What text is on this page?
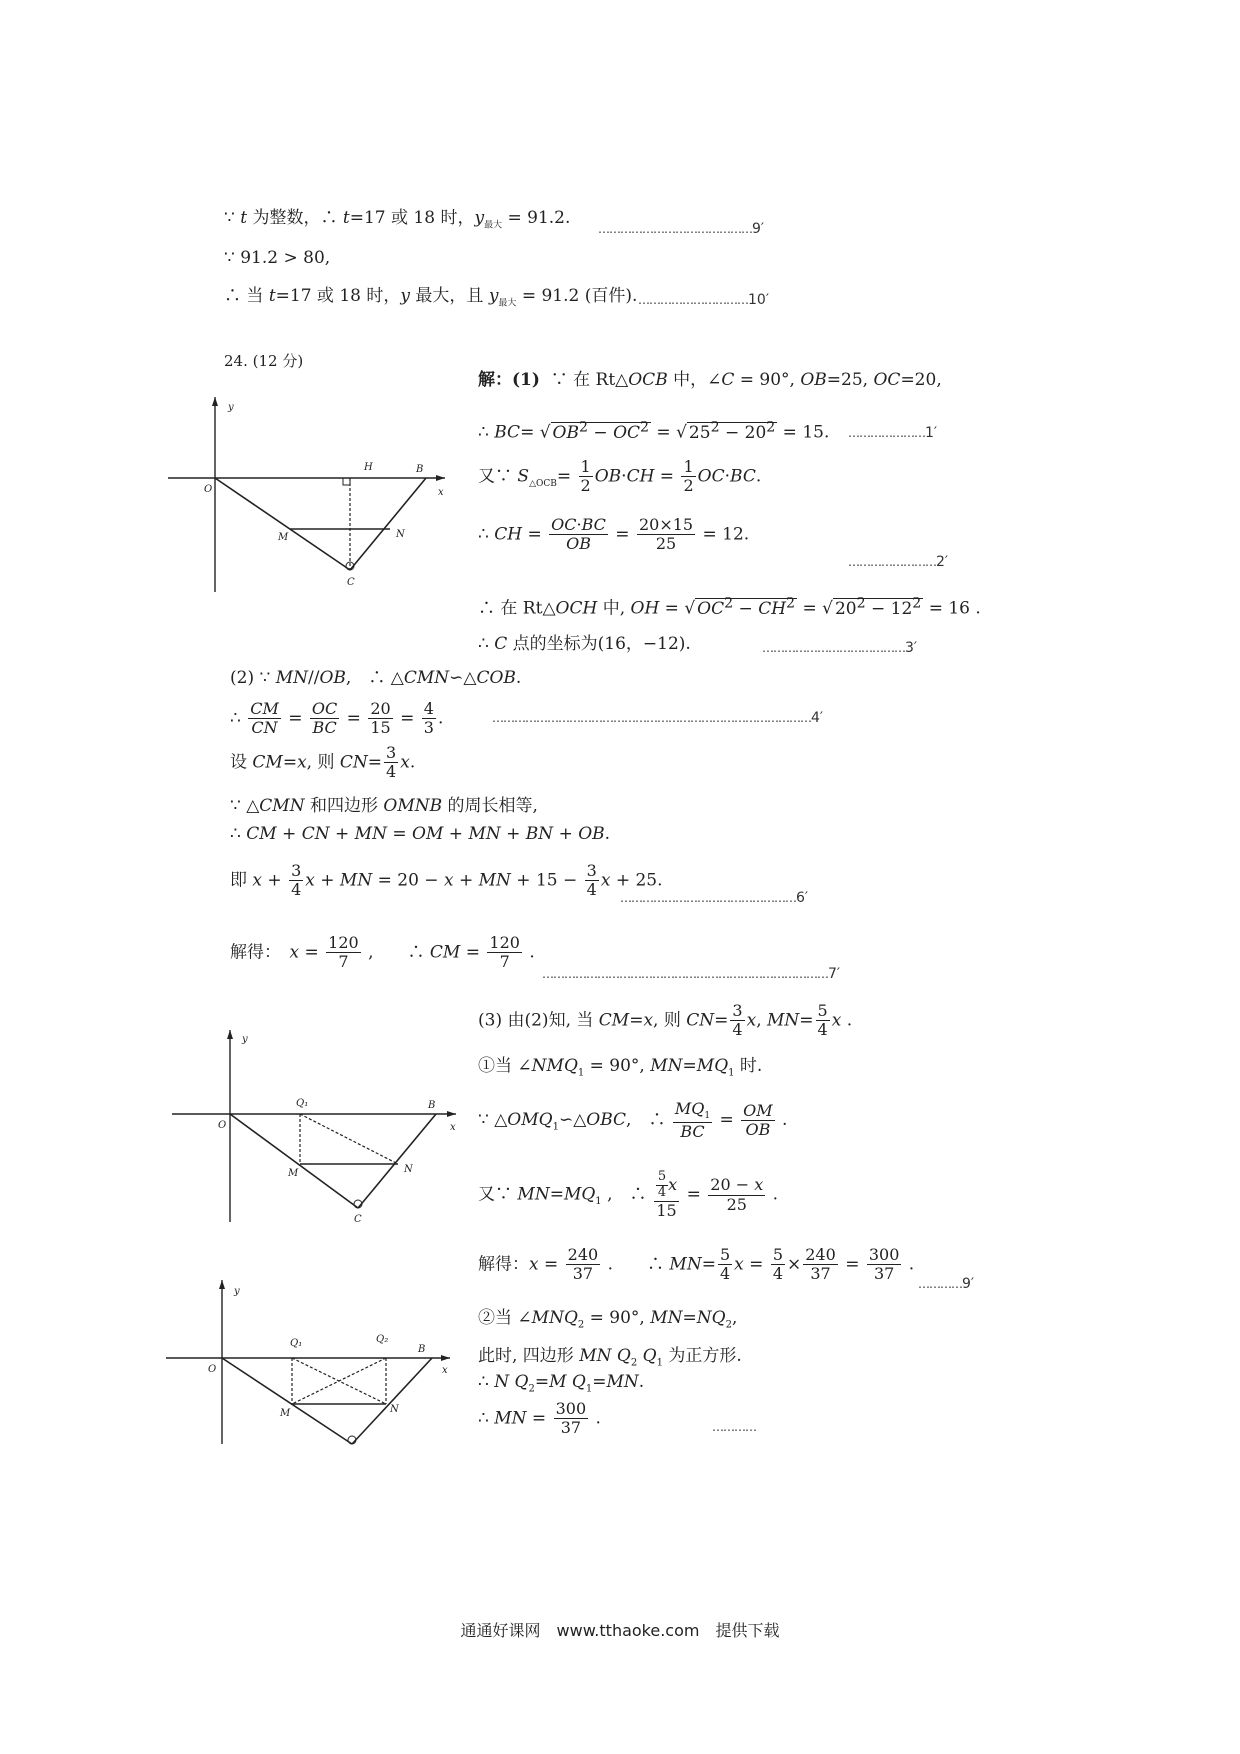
∵ t 为整数，∴ t=17 或 18 时，$y_{最大} = 91.2$.
……………………………………9′
∵ 91.2 > 80,
∴ 当 t=17 或 18 时，y 最大，且 $y_{最大} = 91.2$ (百件). …………………………10′
24. (12 分)
y
x
O
B
H
M	N
C
解：(1)  ∵ 在 Rt△OCB 中，∠C = 90°, OB=25, OC=20,
∴ BC= √ $OB^2 - OC^2$ = √ $25^2 - 20^2 = 15$. …………………1′
又∵ $S_{\triangle OCB}= \frac{1}{2} OB\cdot CH = \frac{1}{2} OC\cdot BC$.
∴ CH = $\frac{OC\cdot BC}{OB} = \frac{20\times 15}{25} = 12$.
……………………2′
∴ 在 Rt△OCH 中, OH = √ $OC^2 - CH^2$ = √ $20^2 - 12^2 = 16$ .
∴ C 点的坐标为(16，−12).	…………………………………3′
(2) ∵ MN//OB,　∴ △CMN∽△COB.
∴ $\frac{CM}{CN} = \frac{OC}{BC} = \frac{20}{15} = \frac{4}{3}$ .	……………………………………………………………………………4′
设 CM=x, 则 $CN= \frac{3}{4} x$.
∵ △CMN 和四边形 OMNB 的周长相等,
∴ CM + CN + MN = OM + MN + BN + OB.
即 $x + \frac{3}{4}$ x + MN = 20 − x + MN + $15 - \frac{3}{4}$ x + 25.
…………………………………………6′
解得：　$x = \frac{120}{7}$ ,　　∴ CM = $\frac{120}{7}$ .
……………………………………………………………………7′
y
x
O
B
Q₁
M	N
C
(3) 由(2)知, 当 CM=x, 则 $CN= \frac{3}{4} x$, $MN= \frac{5}{4}$ x .
①当 $\angle NMQ_1 = 90^\circ$, $MN=MQ_1$ 时.
∵ $\triangle OMQ_1∽\triangle OBC$,　∴ $\frac{MQ_1}{BC} = \frac{OM}{OB}$ .
又∵ $MN=MQ_1$ ,　∴ $\frac{\frac{5}{4} x}{15} = \frac{20 - x}{25}$ .
解得：$x = \frac{240}{37}$ .　　∴ $MN= \frac{5}{4}$ $x = \frac{5}{4} \times \frac{240}{37} = \frac{300}{37}$ .
…………9′
y
x
O
B
Q₁	Q₂
M	N
②当 $\angle MNQ_2 = 90^\circ$, $MN=NQ_2$,
此时, 四边形 MN $Q_2$ $Q_1$ 为正方形.
∴ N $Q_2=M$ $Q_1=MN$.
∴ MN = $\frac{300}{37}$ .	…………
通通好课网　www.tthaoke.com　提供下载
